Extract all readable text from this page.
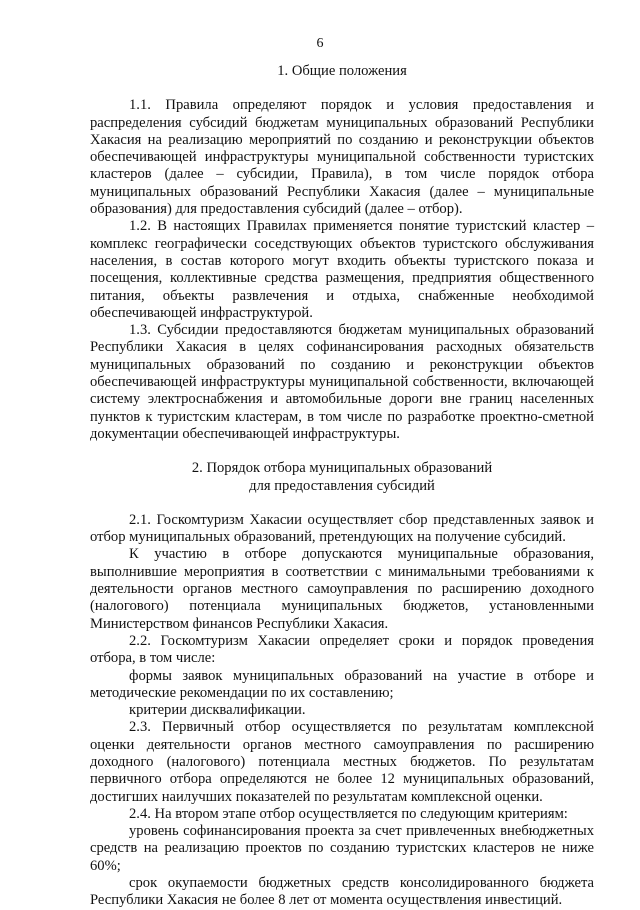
6
1. Общие положения

1.1. Правила определяют порядок и условия предоставления и распределения субсидий бюджетам муниципальных образований Республики Хакасия на реализацию мероприятий по созданию и реконструкции объектов обеспечивающей инфраструктуры муниципальной собственности туристских кластеров (далее – субсидии, Правила), в том числе порядок отбора муниципальных образований Республики Хакасия (далее – муниципальные образования) для предоставления субсидий (далее – отбор).

1.2. В настоящих Правилах применяется понятие туристский кластер – комплекс географически соседствующих объектов туристского обслуживания населения, в состав которого могут входить объекты туристского показа и посещения, коллективные средства размещения, предприятия общественного питания, объекты развлечения и отдыха, снабженные необходимой обеспечивающей инфраструктурой.

1.3. Субсидии предоставляются бюджетам муниципальных образований Республики Хакасия в целях софинансирования расходных обязательств муниципальных образований по созданию и реконструкции объектов обеспечивающей инфраструктуры муниципальной собственности, включающей систему электроснабжения и автомобильные дороги вне границ населенных пунктов к туристским кластерам, в том числе по разработке проектно-сметной документации обеспечивающей инфраструктуры.

2. Порядок отбора муниципальных образований
для предоставления субсидий

2.1. Госкомтуризм Хакасии осуществляет сбор представленных заявок и отбор муниципальных образований, претендующих на получение субсидий.

К участию в отборе допускаются муниципальные образования, выполнившие мероприятия в соответствии с минимальными требованиями к деятельности органов местного самоуправления по расширению доходного (налогового) потенциала муниципальных бюджетов, установленными Министерством финансов Республики Хакасия.

2.2. Госкомтуризм Хакасии определяет сроки и порядок проведения отбора, в том числе:

формы заявок муниципальных образований на участие в отборе и методические рекомендации по их составлению;

критерии дисквалификации.

2.3. Первичный отбор осуществляется по результатам комплексной оценки деятельности органов местного самоуправления по расширению доходного (налогового) потенциала местных бюджетов. По результатам первичного отбора определяются не более 12 муниципальных образований, достигших наилучших показателей по результатам комплексной оценки.

2.4. На втором этапе отбор осуществляется по следующим критериям:

уровень софинансирования проекта за счет привлеченных внебюджетных средств на реализацию проектов по созданию туристских кластеров не ниже 60%;

срок окупаемости бюджетных средств консолидированного бюджета Республики Хакасия не более 8 лет от момента осуществления инвестиций.
